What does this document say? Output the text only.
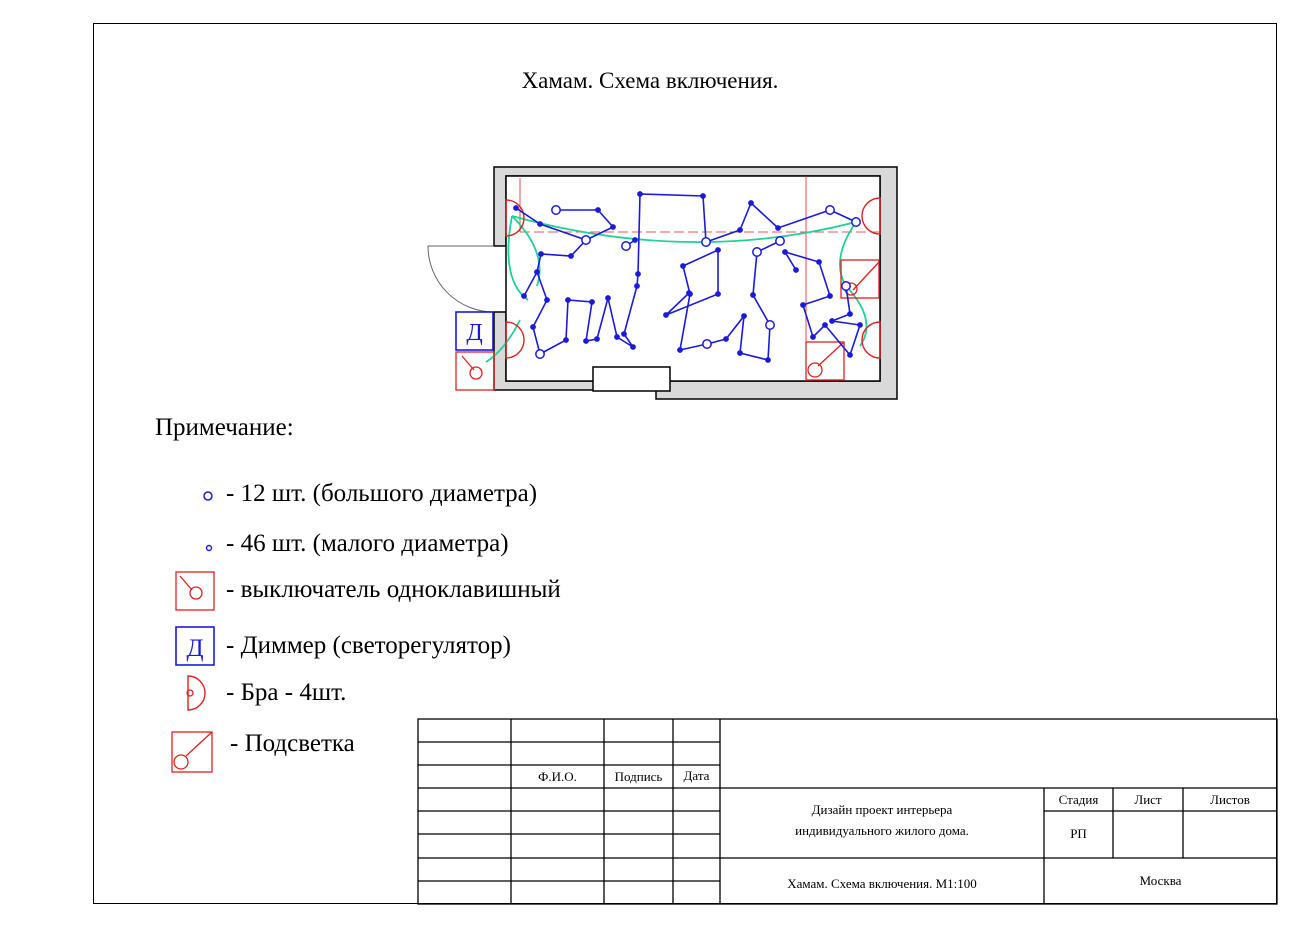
Хамам. Схема включения.
Д
Примечание:
- 12 шт. (большого диаметра)
- 46 шт. (малого диаметра)
- выключатель одноклавишный
Д - Диммер (светорегулятор)
- Бра - 4шт.
- Подсветка
Ф.И.О.	Подпись	Дата
Дизайн проект интерьера
индивидуального жилого дома.
Стадия	Лист	Листов
РП
Хамам. Схема включения. М1:100	Москва
